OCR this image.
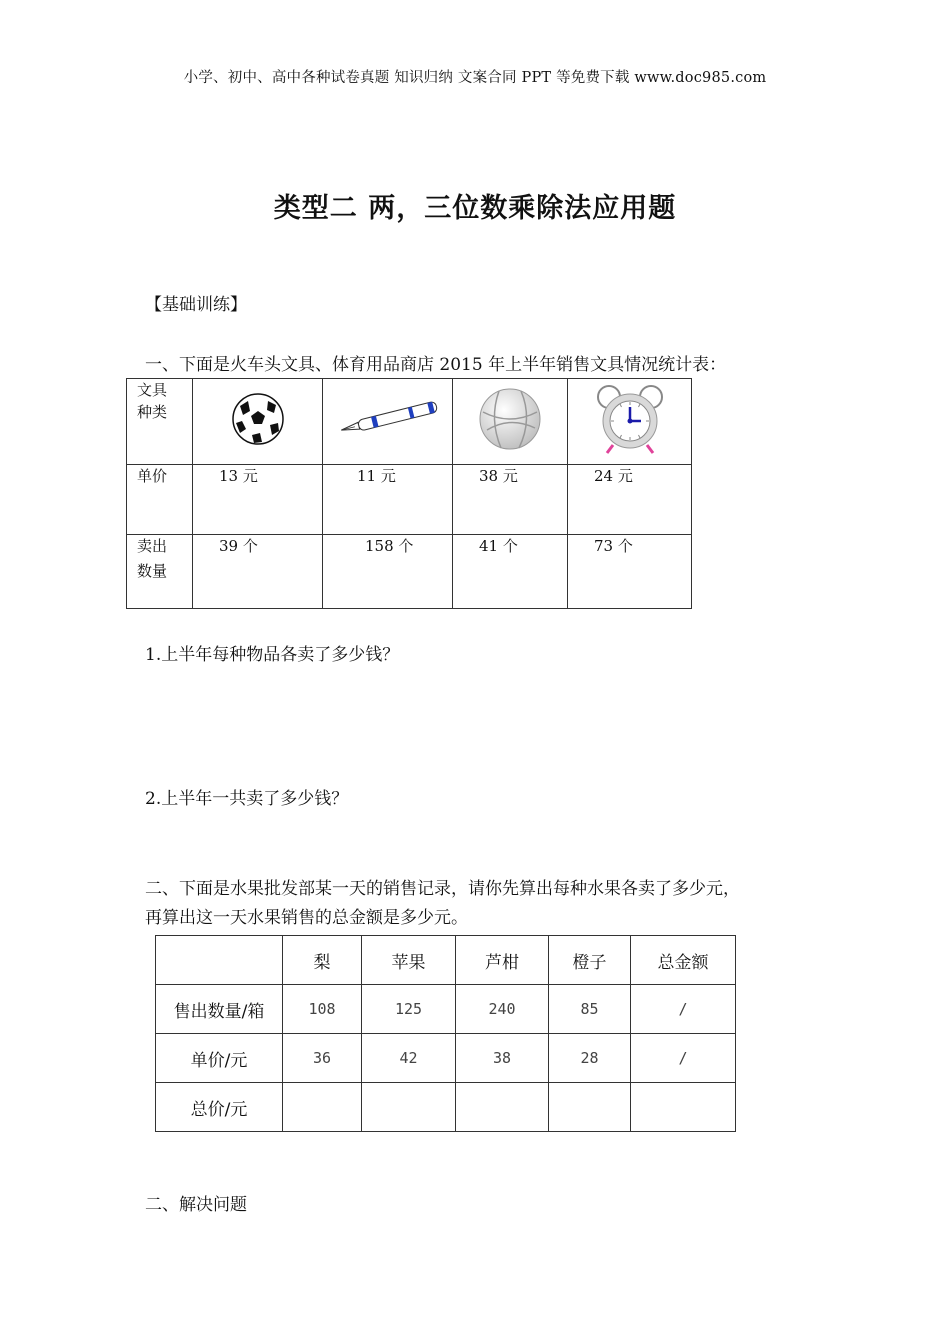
小学、初中、高中各种试卷真题 知识归纳 文案合同 PPT 等免费下载 www.doc985.com
类型二 两，三位数乘除法应用题
【基础训练】
一、下面是火车头文具、体育用品商店 2015 年上半年销售文具情况统计表：
文具
种类

单价	13 元	11 元	38 元	24 元

卖出
数量	39 个	158 个	41 个	73 个
1.上半年每种物品各卖了多少钱？
2.上半年一共卖了多少钱？
二、下面是水果批发部某一天的销售记录，请你先算出每种水果各卖了多少元，
再算出这一天水果销售的总金额是多少元。
	梨	苹果	芦柑	橙子	总金额
售出数量/箱	108	125	240	85	/
单价/元	36	42	38	28	/
总价/元					
二、解决问题
